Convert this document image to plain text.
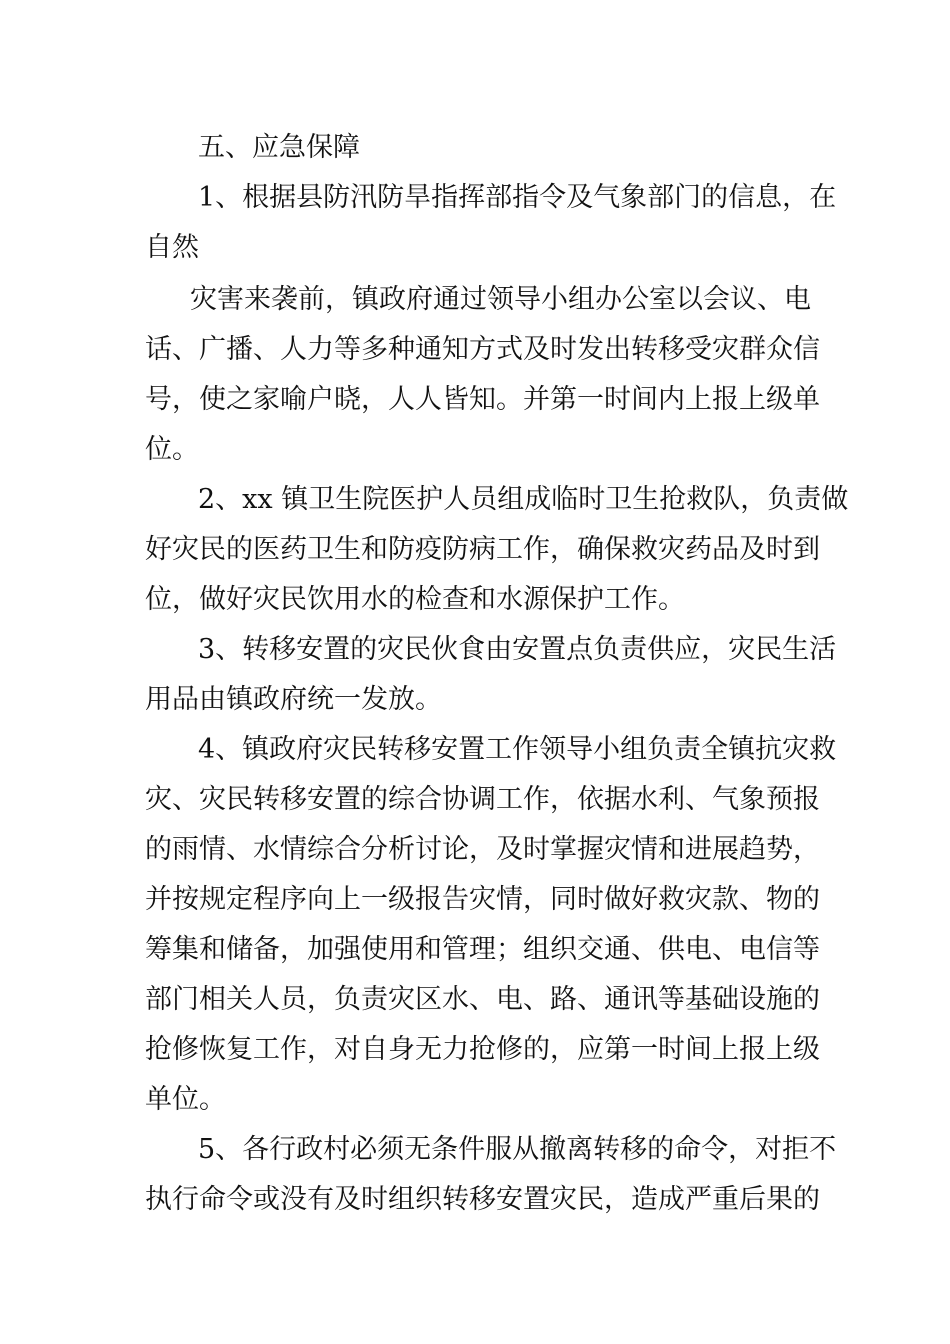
五、应急保障
1、根据县防汛防旱指挥部指令及气象部门的信息，在
自然
灾害来袭前，镇政府通过领导小组办公室以会议、电
话、广播、人力等多种通知方式及时发出转移受灾群众信
号，使之家喻户晓，人人皆知。并第一时间内上报上级单
位。
2、xx 镇卫生院医护人员组成临时卫生抢救队，负责做
好灾民的医药卫生和防疫防病工作，确保救灾药品及时到
位，做好灾民饮用水的检查和水源保护工作。
3、转移安置的灾民伙食由安置点负责供应，灾民生活
用品由镇政府统一发放。
4、镇政府灾民转移安置工作领导小组负责全镇抗灾救
灾、灾民转移安置的综合协调工作，依据水利、气象预报
的雨情、水情综合分析讨论，及时掌握灾情和进展趋势，
并按规定程序向上一级报告灾情，同时做好救灾款、物的
筹集和储备，加强使用和管理；组织交通、供电、电信等
部门相关人员，负责灾区水、电、路、通讯等基础设施的
抢修恢复工作，对自身无力抢修的，应第一时间上报上级
单位。
5、各行政村必须无条件服从撤离转移的命令，对拒不
执行命令或没有及时组织转移安置灾民，造成严重后果的
